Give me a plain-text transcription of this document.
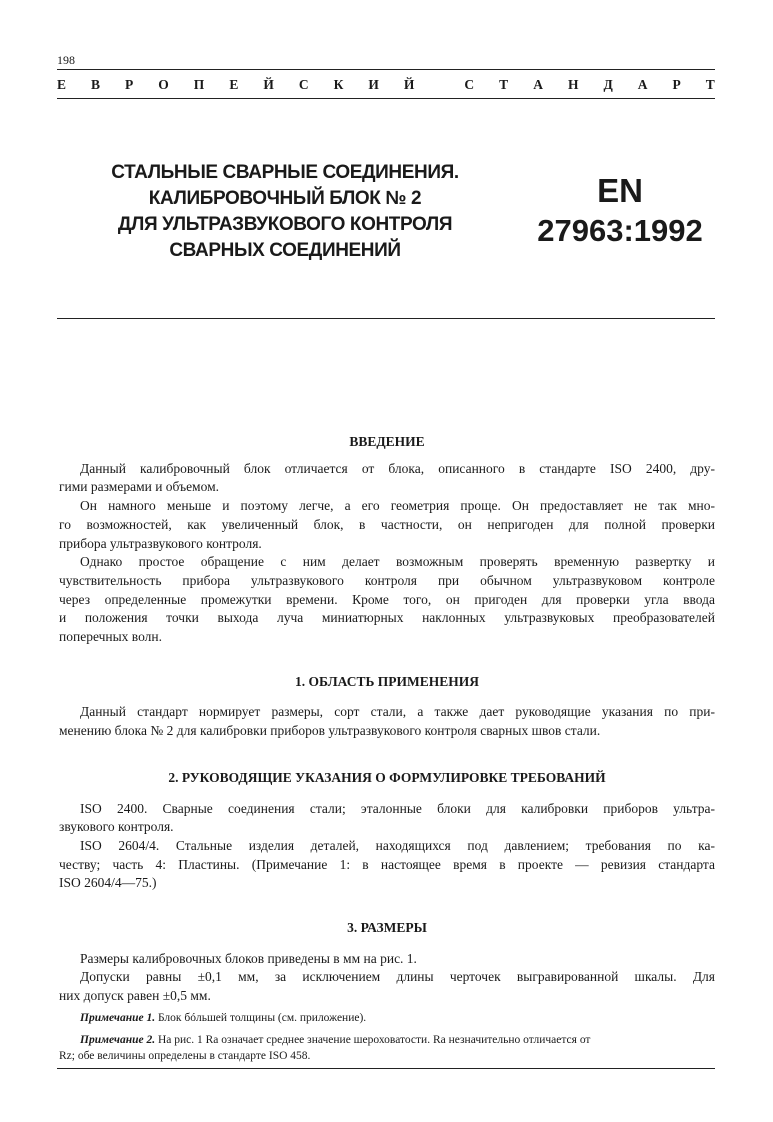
198
Е В Р О П Е Й С К И Й	С Т А Н Д А Р Т
СТАЛЬНЫЕ СВАРНЫЕ СОЕДИНЕНИЯ.
КАЛИБРОВОЧНЫЙ БЛОК № 2
ДЛЯ УЛЬТРАЗВУКОВОГО КОНТРОЛЯ
СВАРНЫХ СОЕДИНЕНИЙ
EN
27963:1992
ВВЕДЕНИЕ

Данный калибровочный блок отличается от блока, описанного в стандарте ISO 2400, дру-
гими размерами и объемом.

Он намного меньше и поэтому легче, а его геометрия проще. Он предоставляет не так мно-
го возможностей, как увеличенный блок, в частности, он непригоден для полной проверки
прибора ультразвукового контроля.

Однако простое обращение с ним делает возможным проверять временную развертку и
чувствительность прибора ультразвукового контроля при обычном ультразвуковом контроле
через определенные промежутки времени. Кроме того, он пригоден для проверки угла ввода
и положения точки выхода луча миниатюрных наклонных ультразвуковых преобразователей
поперечных волн.

1. ОБЛАСТЬ ПРИМЕНЕНИЯ

Данный стандарт нормирует размеры, сорт стали, а также дает руководящие указания по при-
менению блока № 2 для калибровки приборов ультразвукового контроля сварных швов стали.

2. РУКОВОДЯЩИЕ УКАЗАНИЯ О ФОРМУЛИРОВКЕ ТРЕБОВАНИЙ

ISO 2400. Сварные соединения стали; эталонные блоки для калибровки приборов ультра-
звукового контроля.

ISO 2604/4. Стальные изделия деталей, находящихся под давлением; требования по ка-
честву; часть 4: Пластины. (Примечание 1: в настоящее время в проекте — ревизия стандарта
ISO 2604/4—75.)

3. РАЗМЕРЫ

Размеры калибровочных блоков приведены в мм на рис. 1.

Допуски равны ±0,1 мм, за исключением длины черточек выгравированной шкалы. Для
них допуск равен ±0,5 мм.

Примечание 1. Блок бóльшей толщины (см. приложение).

Примечание 2. На рис. 1 Ra означает среднее значение шероховатости. Ra незначительно отличается от
Rz; обе величины определены в стандарте ISO 458.
